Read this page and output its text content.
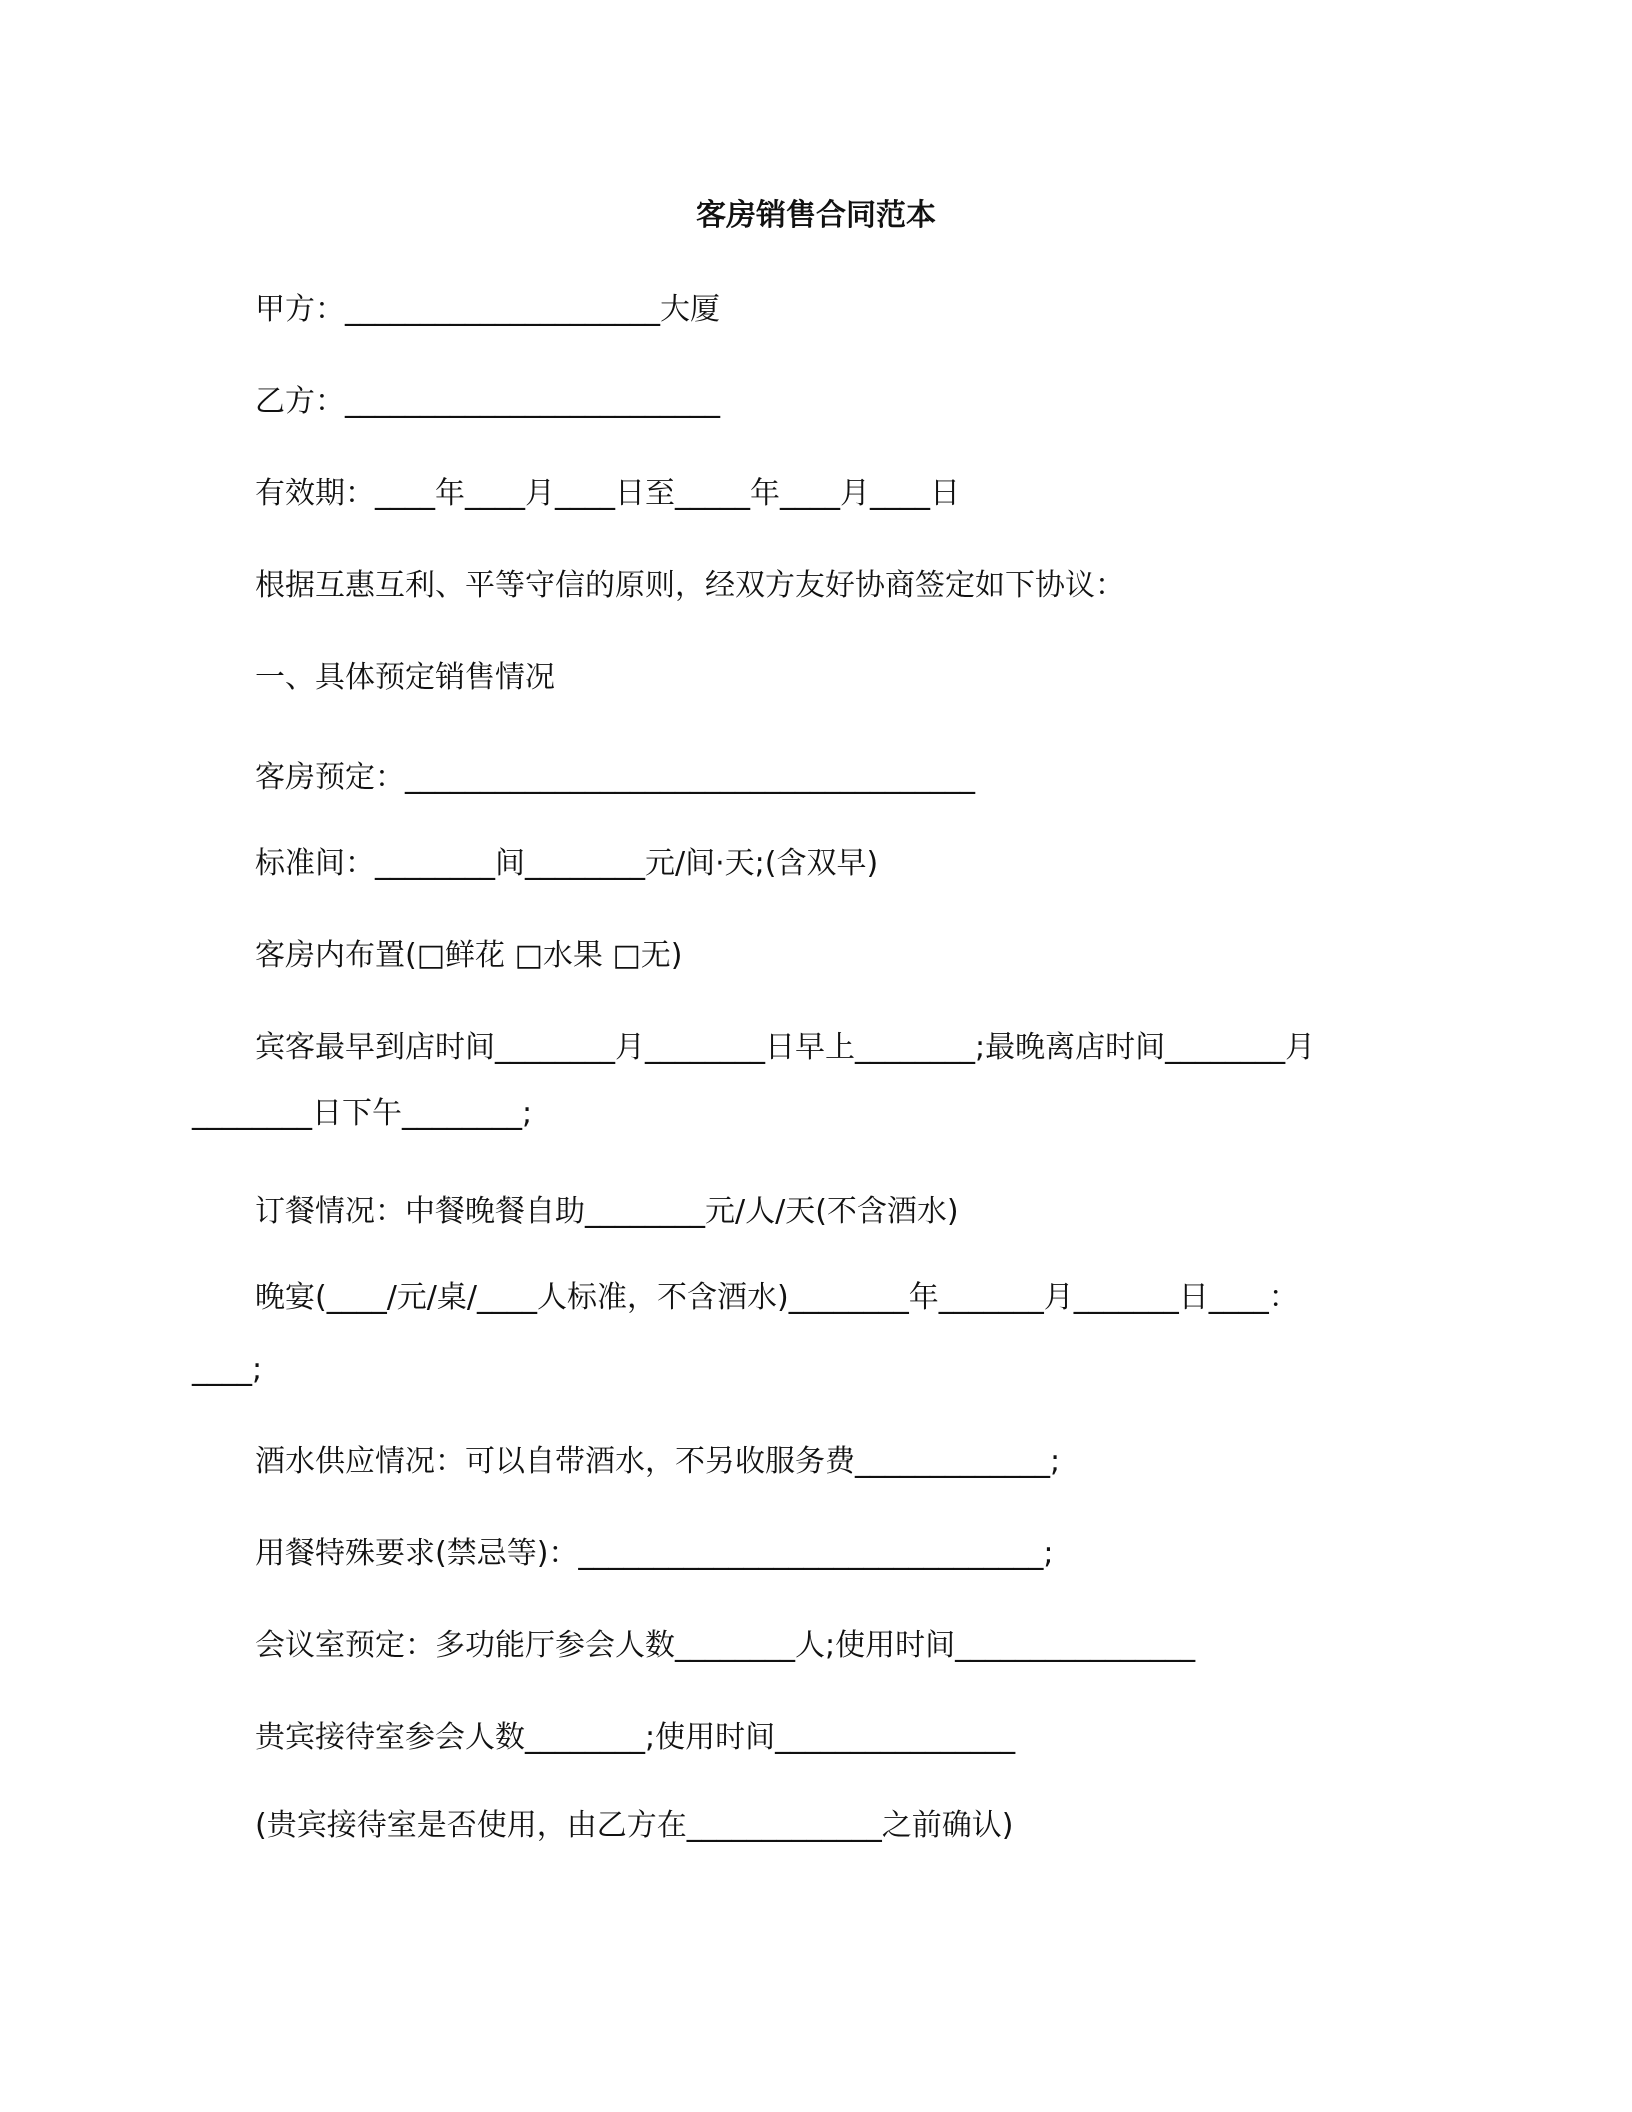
客房销售合同范本
甲方：_____________________大厦
乙方：_________________________
有效期：____年____月____日至_____年____月____日
根据互惠互利、平等守信的原则，经双方友好协商签定如下协议：
一、具体预定销售情况
客房预定：______________________________________
标准间：________间________元/间·天;(含双早)
客房内布置(□鲜花 □水果 □无)
宾客最早到店时间________月________日早上________;最晚离店时间________月
________日下午________;
订餐情况：中餐晚餐自助________元/人/天(不含酒水)
晚宴(____/元/桌/____人标准，不含酒水)________年_______月_______日____：
____;
酒水供应情况：可以自带酒水，不另收服务费_____________;
用餐特殊要求(禁忌等)：_______________________________;
会议室预定：多功能厅参会人数________人;使用时间________________
贵宾接待室参会人数________;使用时间________________
(贵宾接待室是否使用，由乙方在_____________之前确认)
